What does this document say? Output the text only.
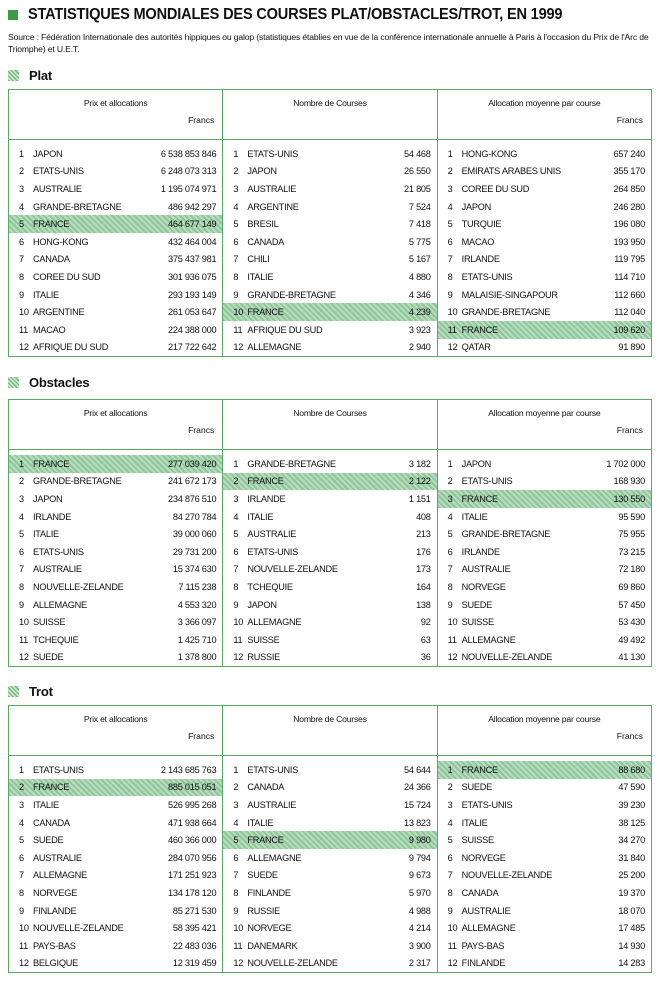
STATISTIQUES MONDIALES DES COURSES PLAT/OBSTACLES/TROT, EN 1999
Source : Fédération Internationale des autorités hippiques ou galop (statistiques établies en vue de la conférence internationale annuelle à Paris à l'occasion du Prix de l'Arc de Triomphe) et U.E.T.
Plat
Prix et allocations
Francs
1 JAPON	6 538 853 846
2 ETATS-UNIS	6 248 073 313
3 AUSTRALIE	1 195 074 971
4 GRANDE-BRETAGNE	486 942 297
5 FRANCE	464 677 149
6 HONG-KONG	432 464 004
7 CANADA	375 437 981
8 COREE DU SUD	301 936 075
9 ITALIE	293 193 149
10 ARGENTINE	261 053 647
11 MACAO	224 388 000
12 AFRIQUE DU SUD	217 722 642
Nombre de Courses
1 ETATS-UNIS	54 468
2 JAPON	26 550
3 AUSTRALIE	21 805
4 ARGENTINE	7 524
5 BRESIL	7 418
6 CANADA	5 775
7 CHILI	5 167
8 ITALIE	4 880
9 GRANDE-BRETAGNE	4 346
10 FRANCE	4 239
11 AFRIQUE DU SUD	3 923
12 ALLEMAGNE	2 940
Allocation moyenne par course
Francs
1 HONG-KONG	657 240
2 EMIRATS ARABES UNIS	355 170
3 COREE DU SUD	264 850
4 JAPON	246 280
5 TURQUIE	196 080
6 MACAO	193 950
7 IRLANDE	119 795
8 ETATS-UNIS	114 710
9 MALAISIE-SINGAPOUR	112 660
10 GRANDE-BRETAGNE	112 040
11 FRANCE	109 620
12 QATAR	91 890
Obstacles
Prix et allocations
Francs
1 FRANCE	277 039 420
2 GRANDE-BRETAGNE	241 672 173
3 JAPON	234 876 510
4 IRLANDE	84 270 784
5 ITALIE	39 000 060
6 ETATS-UNIS	29 731 200
7 AUSTRALIE	15 374 630
8 NOUVELLE-ZELANDE	7 115 238
9 ALLEMAGNE	4 553 320
10 SUISSE	3 366 097
11 TCHEQUIE	1 425 710
12 SUEDE	1 378 800
Nombre de Courses
1 GRANDE-BRETAGNE	3 182
2 FRANCE	2 122
3 IRLANDE	1 151
4 ITALIE	408
5 AUSTRALIE	213
6 ETATS-UNIS	176
7 NOUVELLE-ZELANDE	173
8 TCHEQUIE	164
9 JAPON	138
10 ALLEMAGNE	92
11 SUISSE	63
12 RUSSIE	36
Allocation moyenne par course
Francs
1 JAPON	1 702 000
2 ETATS-UNIS	168 930
3 FRANCE	130 550
4 ITALIE	95 590
5 GRANDE-BRETAGNE	75 955
6 IRLANDE	73 215
7 AUSTRALIE	72 180
8 NORVEGE	69 860
9 SUEDE	57 450
10 SUISSE	53 430
11 ALLEMAGNE	49 492
12 NOUVELLE-ZELANDE	41 130
Trot
Prix et allocations
Francs
1 ETATS-UNIS	2 143 685 763
2 FRANCE	885 015 051
3 ITALIE	526 995 268
4 CANADA	471 938 664
5 SUEDE	460 366 000
6 AUSTRALIE	284 070 956
7 ALLEMAGNE	171 251 923
8 NORVEGE	134 178 120
9 FINLANDE	85 271 530
10 NOUVELLE-ZELANDE	58 395 421
11 PAYS-BAS	22 483 036
12 BELGIQUE	12 319 459
Nombre de Courses
1 ETATS-UNIS	54 644
2 CANADA	24 366
3 AUSTRALIE	15 724
4 ITALIE	13 823
5 FRANCE	9 980
6 ALLEMAGNE	9 794
7 SUEDE	9 673
8 FINLANDE	5 970
9 RUSSIE	4 988
10 NORVEGE	4 214
11 DANEMARK	3 900
12 NOUVELLE-ZELANDE	2 317
Allocation moyenne par course
Francs
1 FRANCE	88 680
2 SUEDE	47 590
3 ETATS-UNIS	39 230
4 ITALIE	38 125
5 SUISSE	34 270
6 NORVEGE	31 840
7 NOUVELLE-ZELANDE	25 200
8 CANADA	19 370
9 AUSTRALIE	18 070
10 ALLEMAGNE	17 485
11 PAYS-BAS	14 930
12 FINLANDE	14 283
